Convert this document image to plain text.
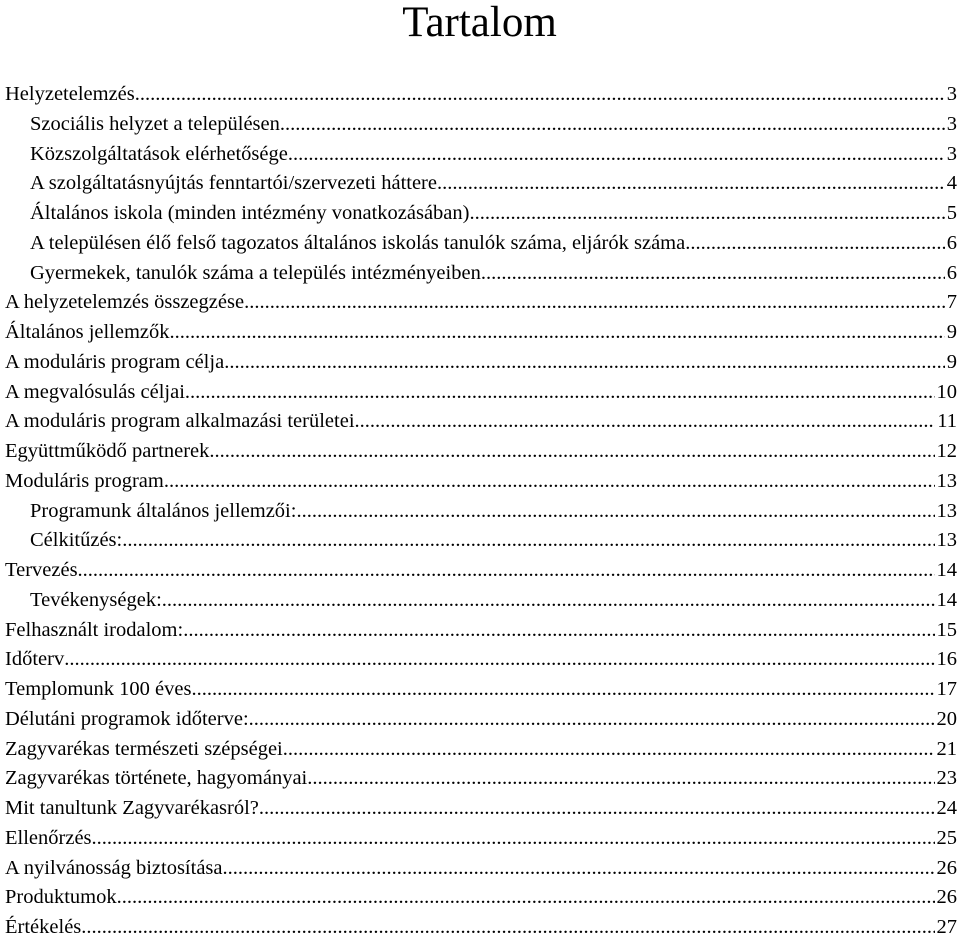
Tartalom
Helyzetelemzés .....	3
Szociális helyzet a településen .....	3
Közszolgáltatások elérhetősége .....	3
A szolgáltatásnyújtás fenntartói/szervezeti háttere .....	4
Általános iskola (minden intézmény vonatkozásában) .....	5
A településen élő felső tagozatos általános iskolás tanulók száma, eljárók száma .....	6
Gyermekek, tanulók száma a település intézményeiben .....	6
A helyzetelemzés összegzése .....	7
Általános jellemzők .....	9
A moduláris program célja .....	9
A megvalósulás céljai .....	10
A moduláris program alkalmazási területei .....	11
Együttműködő partnerek .....	12
Moduláris program .....	13
Programunk általános jellemzői: .....	13
Célkitűzés: .....	13
Tervezés .....	14
Tevékenységek: .....	14
Felhasznált irodalom: .....	15
Időterv .....	16
Templomunk 100 éves .....	17
Délutáni programok időterve: .....	20
Zagyvarékas természeti szépségei .....	21
Zagyvarékas története, hagyományai .....	23
Mit tanultunk Zagyvarékasról? .....	24
Ellenőrzés .....	25
A nyilvánosság biztosítása .....	26
Produktumok .....	26
Értékelés .....	27
